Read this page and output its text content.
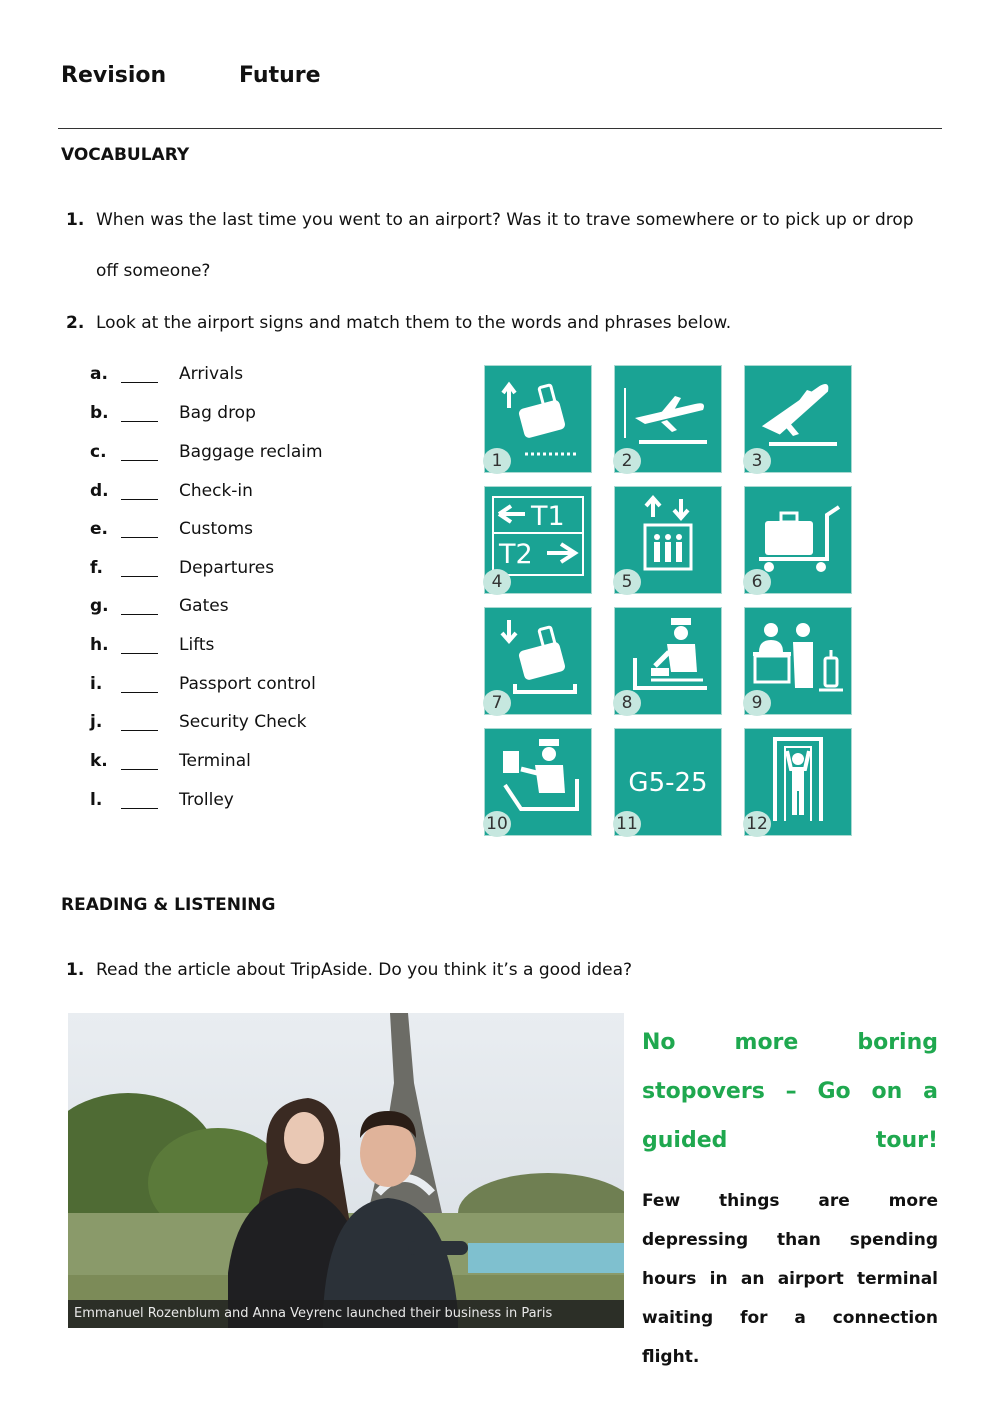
Revision	Future
VOCABULARY
1. When was the last time you went to an airport? Was it to trave somewhere or to pick up or drop
off someone?
2. Look at the airport signs and match them to the words and phrases below.
a.	Arrivals
b.	Bag drop
c.	Baggage reclaim
d.	Check-in
e.	Customs
f.	Departures
g.	Gates
h.	Lifts
i.	Passport control
j.	Security Check
k.	Terminal
l.	Trolley
1	2	3
T1
T2
4	5	6
7	8	9
10
G5-25
11	12
READING & LISTENING
1. Read the article about TripAside. Do you think it’s a good idea?
Emmanuel Rozenblum and Anna Veyrenc launched their business in Paris
No more boring stopovers – Go on a guided tour!
Few things are more depressing than spending hours in an airport terminal waiting for a connection flight.
